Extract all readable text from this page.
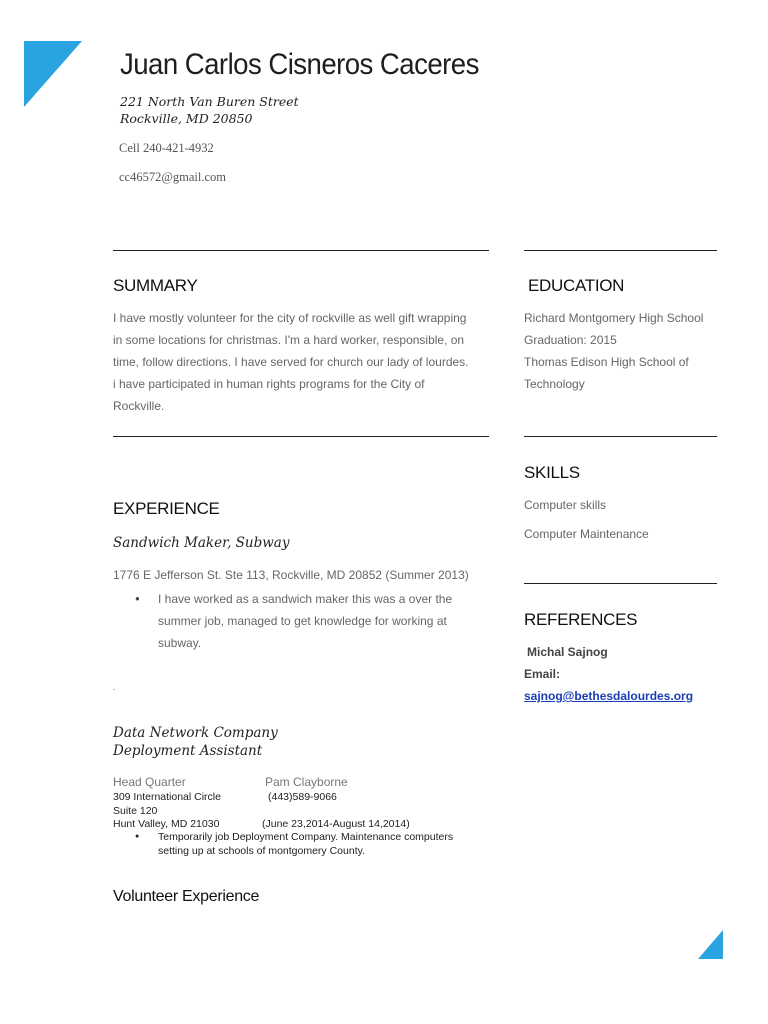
Juan Carlos Cisneros Caceres
221 North Van Buren Street
Rockville, MD 20850
Cell 240-421-4932
cc46572@gmail.com
SUMMARY
I have mostly volunteer for the city of rockville as well gift wrapping
in some locations for christmas. I'm a hard worker, responsible, on
time, follow directions. I have served for church our lady of lourdes.
i have participated in human rights programs for the City of
Rockville.
EDUCATION
Richard Montgomery High School
Graduation: 2015
Thomas Edison High School of
Technology
SKILLS
Computer skills
Computer Maintenance
REFERENCES
Michal Sajnog
Email:
sajnog@bethesdalourdes.org
EXPERIENCE
Sandwich Maker, Subway
1776 E Jefferson St. Ste 113, Rockville, MD 20852 (Summer 2013)
● I have worked as a sandwich maker this was a over the
summer job, managed to get knowledge for working at
subway.
.
Data Network Company
Deployment Assistant
Head Quarter	Pam Clayborne
309 International Circle	(443)589-9066
Suite 120
Hunt Valley, MD 21030	(June 23,2014-August 14,2014)
● Temporarily job Deployment Company. Maintenance computers
setting up at schools of montgomery County.
Volunteer Experience
